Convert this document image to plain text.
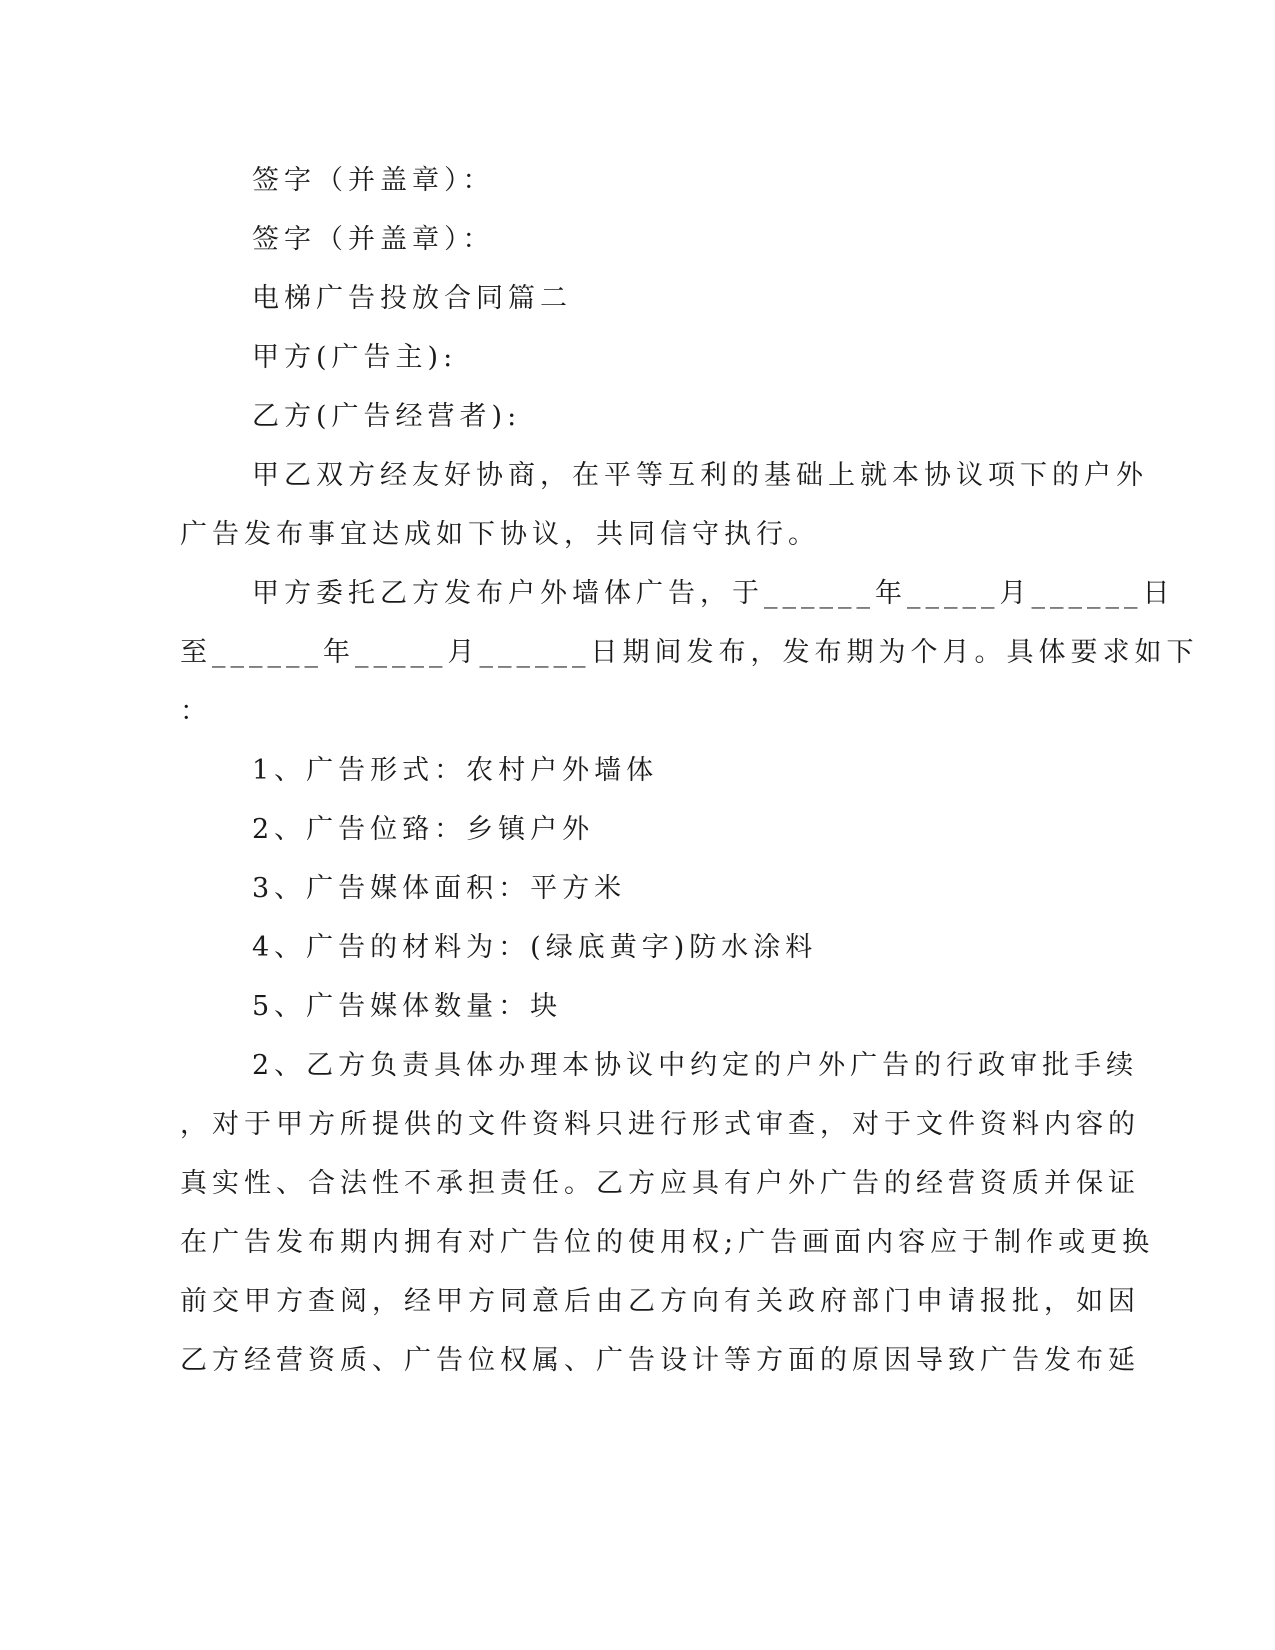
签字（并盖章）：
签字（并盖章）：
电梯广告投放合同篇二
甲方(广告主):
乙方(广告经营者):
甲乙双方经友好协商，在平等互利的基础上就本协议项下的户外
广告发布事宜达成如下协议，共同信守执行。
甲方委托乙方发布户外墙体广告，于______年_____月______日
至______年_____月______日期间发布，发布期为个月。具体要求如下
：
1、广告形式：农村户外墙体
2、广告位臵：乡镇户外
3、广告媒体面积：平方米
4、广告的材料为：(绿底黄字)防水涂料
5、广告媒体数量：块
2、乙方负责具体办理本协议中约定的户外广告的行政审批手续
，对于甲方所提供的文件资料只进行形式审查，对于文件资料内容的
真实性、合法性不承担责任。乙方应具有户外广告的经营资质并保证
在广告发布期内拥有对广告位的使用权;广告画面内容应于制作或更换
前交甲方查阅，经甲方同意后由乙方向有关政府部门申请报批，如因
乙方经营资质、广告位权属、广告设计等方面的原因导致广告发布延
